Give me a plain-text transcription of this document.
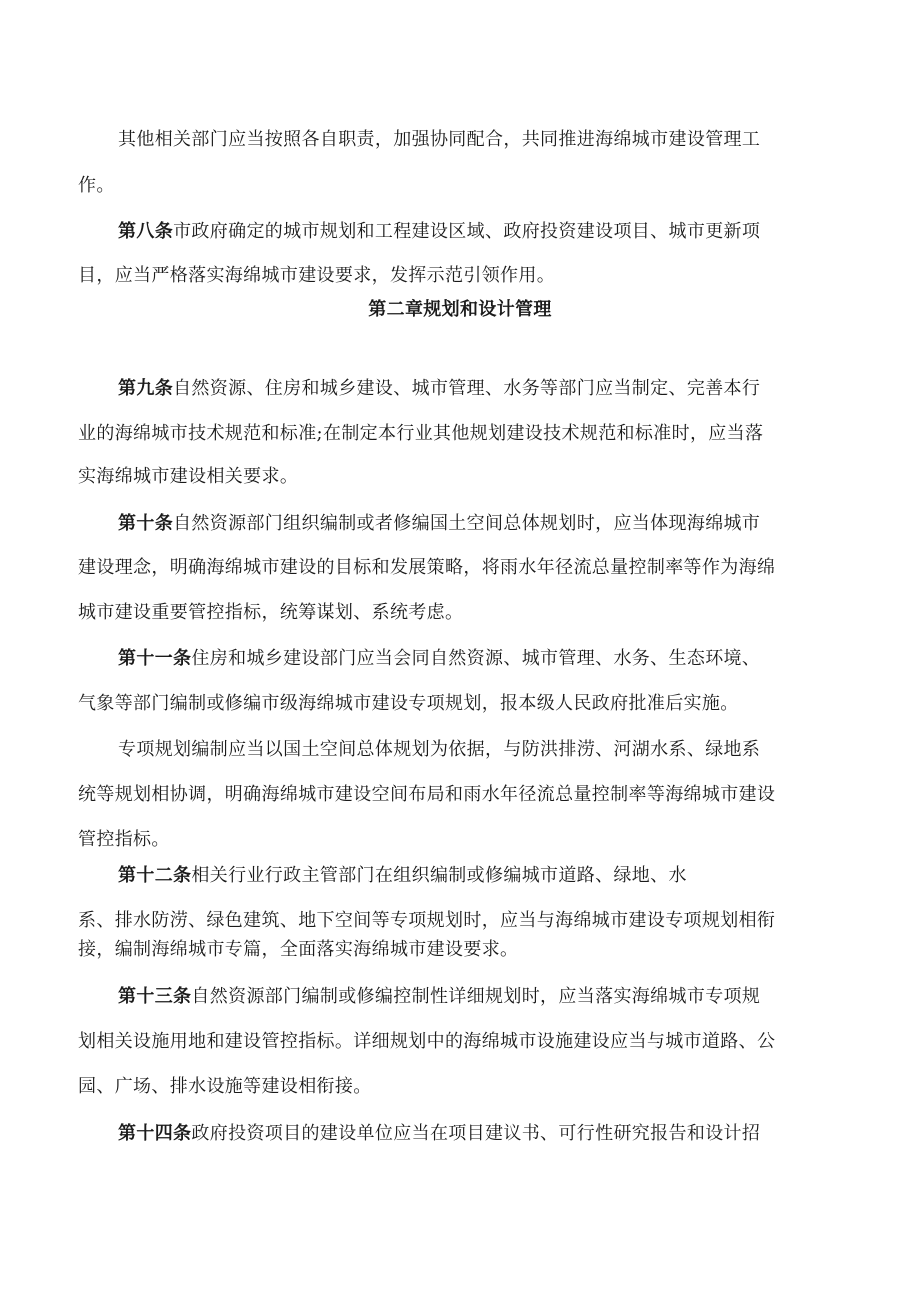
其他相关部门应当按照各自职责，加强协同配合，共同推进海绵城市建设管理工
作。
第八条市政府确定的城市规划和工程建设区域、政府投资建设项目、城市更新项
目，应当严格落实海绵城市建设要求，发挥示范引领作用。
第二章规划和设计管理
第九条自然资源、住房和城乡建设、城市管理、水务等部门应当制定、完善本行
业的海绵城市技术规范和标准;在制定本行业其他规划建设技术规范和标准时，应当落
实海绵城市建设相关要求。
第十条自然资源部门组织编制或者修编国土空间总体规划时，应当体现海绵城市
建设理念，明确海绵城市建设的目标和发展策略，将雨水年径流总量控制率等作为海绵
城市建设重要管控指标，统筹谋划、系统考虑。
第十一条住房和城乡建设部门应当会同自然资源、城市管理、水务、生态环境、
气象等部门编制或修编市级海绵城市建设专项规划，报本级人民政府批准后实施。
专项规划编制应当以国土空间总体规划为依据，与防洪排涝、河湖水系、绿地系
统等规划相协调，明确海绵城市建设空间布局和雨水年径流总量控制率等海绵城市建设
管控指标。
第十二条相关行业行政主管部门在组织编制或修编城市道路、绿地、水
系、排水防涝、绿色建筑、地下空间等专项规划时，应当与海绵城市建设专项规划相衔
接，编制海绵城市专篇，全面落实海绵城市建设要求。
第十三条自然资源部门编制或修编控制性详细规划时，应当落实海绵城市专项规
划相关设施用地和建设管控指标。详细规划中的海绵城市设施建设应当与城市道路、公
园、广场、排水设施等建设相衔接。
第十四条政府投资项目的建设单位应当在项目建议书、可行性研究报告和设计招
